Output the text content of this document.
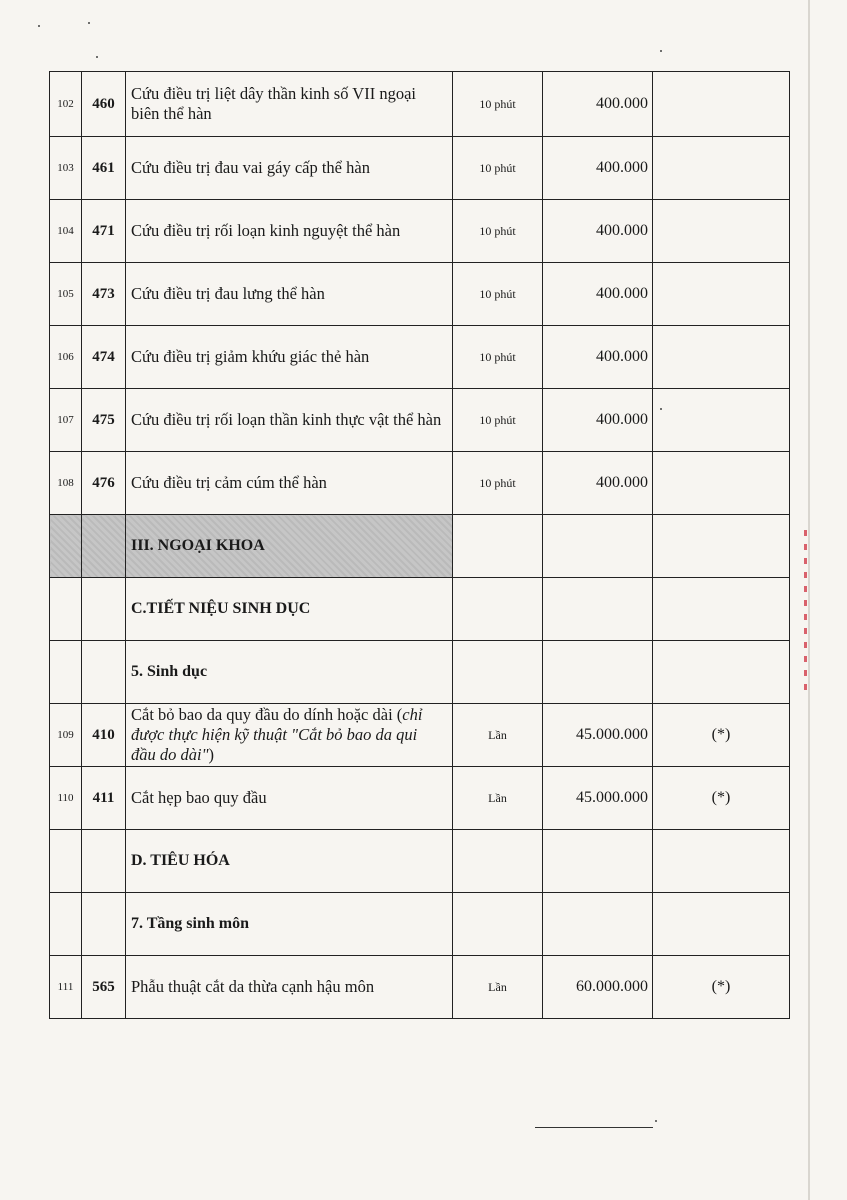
102	460	Cứu điều trị liệt dây thần kinh số VII ngoại biên thể hàn	10 phút	400.000	
103	461	Cứu điều trị đau vai gáy cấp thể hàn	10 phút	400.000	
104	471	Cứu điều trị rối loạn kinh nguyệt thể hàn	10 phút	400.000	
105	473	Cứu điều trị đau lưng thể hàn	10 phút	400.000	
106	474	Cứu điều trị giảm khứu giác thẻ hàn	10 phút	400.000	
107	475	Cứu điều trị rối loạn thần kinh thực vật thể hàn	10 phút	400.000	
108	476	Cứu điều trị cảm cúm thể hàn	10 phút	400.000	
		III. NGOẠI KHOA			
		C.TIẾT NIỆU SINH DỤC			
		5. Sinh dục			
109	410	Cắt bỏ bao da quy đầu do dính hoặc dài (chỉ được thực hiện kỹ thuật "Cắt bỏ bao da qui đầu do dài")	Lần	45.000.000	(*)
110	411	Cắt hẹp bao quy đầu	Lần	45.000.000	(*)
		D. TIÊU HÓA			
		7. Tầng sinh môn			
111	565	Phẫu thuật cắt da thừa cạnh hậu môn	Lần	60.000.000	(*)
